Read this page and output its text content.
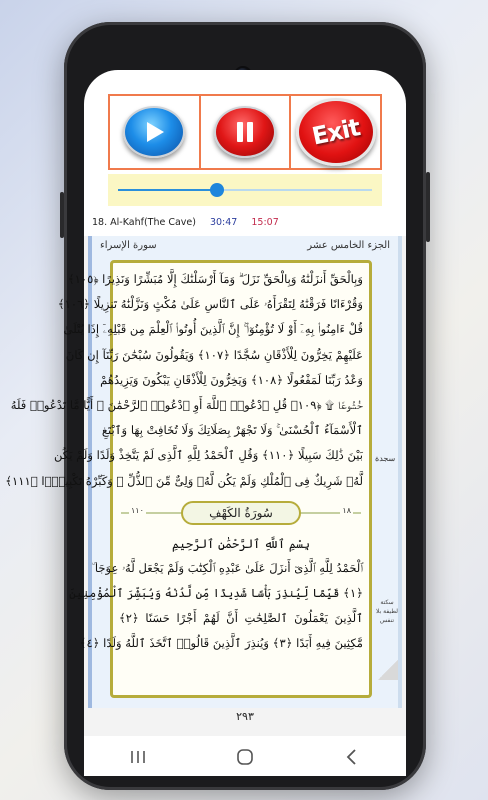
Exit
18. Al-Kahf(The Cave) 30:47 15:07
الجزء الخامس عشر
سورة الإسراء
وَبِالْحَقِّ أَنزَلْنَٰهُ وَبِالْحَقِّ نَزَلَ ۗ وَمَآ أَرْسَلْنَٰكَ إِلَّا مُبَشِّرًا وَنَذِيرًا ﴿١٠٥﴾
وَقُرْءَانًا فَرَقْنَٰهُ لِتَقْرَأَهُۥ عَلَى ٱلنَّاسِ عَلَىٰ مُكْثٍ وَنَزَّلْنَٰهُ تَنزِيلًا ﴿١٠٦﴾
قُلْ ءَامِنُوا۟ بِهِۦٓ أَوْ لَا تُؤْمِنُوٓا۟ ۚ إِنَّ ٱلَّذِينَ أُوتُوا۟ ٱلْعِلْمَ مِن قَبْلِهِۦٓ إِذَا يُتْلَىٰ
عَلَيْهِمْ يَخِرُّونَ لِلْأَذْقَانِ سُجَّدًا ﴿١٠٧﴾ وَيَقُولُونَ سُبْحَٰنَ رَبِّنَآ إِن كَانَ
وَعْدُ رَبِّنَا لَمَفْعُولًا ﴿١٠٨﴾ وَيَخِرُّونَ لِلْأَذْقَانِ يَبْكُونَ وَيَزِيدُهُمْ
خُشُوعًا ۩ ﴿١٠٩﴾ قُلِ ٱدْعُوا۟ ٱللَّهَ أَوِ ٱدْعُوا۟ ٱلرَّحْمَٰنَ ۖ أَيًّا مَّا تَدْعُوا۟ فَلَهُ
ٱلْأَسْمَآءُ ٱلْحُسْنَىٰ ۚ وَلَا تَجْهَرْ بِصَلَاتِكَ وَلَا تُخَافِتْ بِهَا وَٱبْتَغِ
بَيْنَ ذَٰلِكَ سَبِيلًا ﴿١١٠﴾ وَقُلِ ٱلْحَمْدُ لِلَّهِ ٱلَّذِى لَمْ يَتَّخِذْ وَلَدًا وَلَمْ يَكُن
لَّهُۥ شَرِيكٌ فِى ٱلْمُلْكِ وَلَمْ يَكُن لَّهُۥ وَلِىٌّ مِّنَ ٱلذُّلِّ ۖ وَكَبِّرْهُ تَكْبِيرًۢا ﴿١١١﴾
١٨
سُورَةُ الكَهْفِ
١١٠
بِسْمِ ٱللَّهِ ٱلرَّحْمَٰنِ ٱلرَّحِيمِ
ٱلْحَمْدُ لِلَّهِ ٱلَّذِىٓ أَنزَلَ عَلَىٰ عَبْدِهِ ٱلْكِتَٰبَ وَلَمْ يَجْعَل لَّهُۥ عِوَجَا ۜ
﴿١﴾ قَيِّمًا لِّيُنذِرَ بَأْسًا شَدِيدًا مِّن لَّدُنْهُ وَيُبَشِّرَ ٱلْمُؤْمِنِينَ
ٱلَّذِينَ يَعْمَلُونَ ٱلصَّٰلِحَٰتِ أَنَّ لَهُمْ أَجْرًا حَسَنًا ﴿٢﴾
مَّٰكِثِينَ فِيهِ أَبَدًا ﴿٣﴾ وَيُنذِرَ ٱلَّذِينَ قَالُوا۟ ٱتَّخَذَ ٱللَّهُ وَلَدًا ﴿٤﴾
سجدة
سكتة لطيفة بلا تنفس
٢٩٣
